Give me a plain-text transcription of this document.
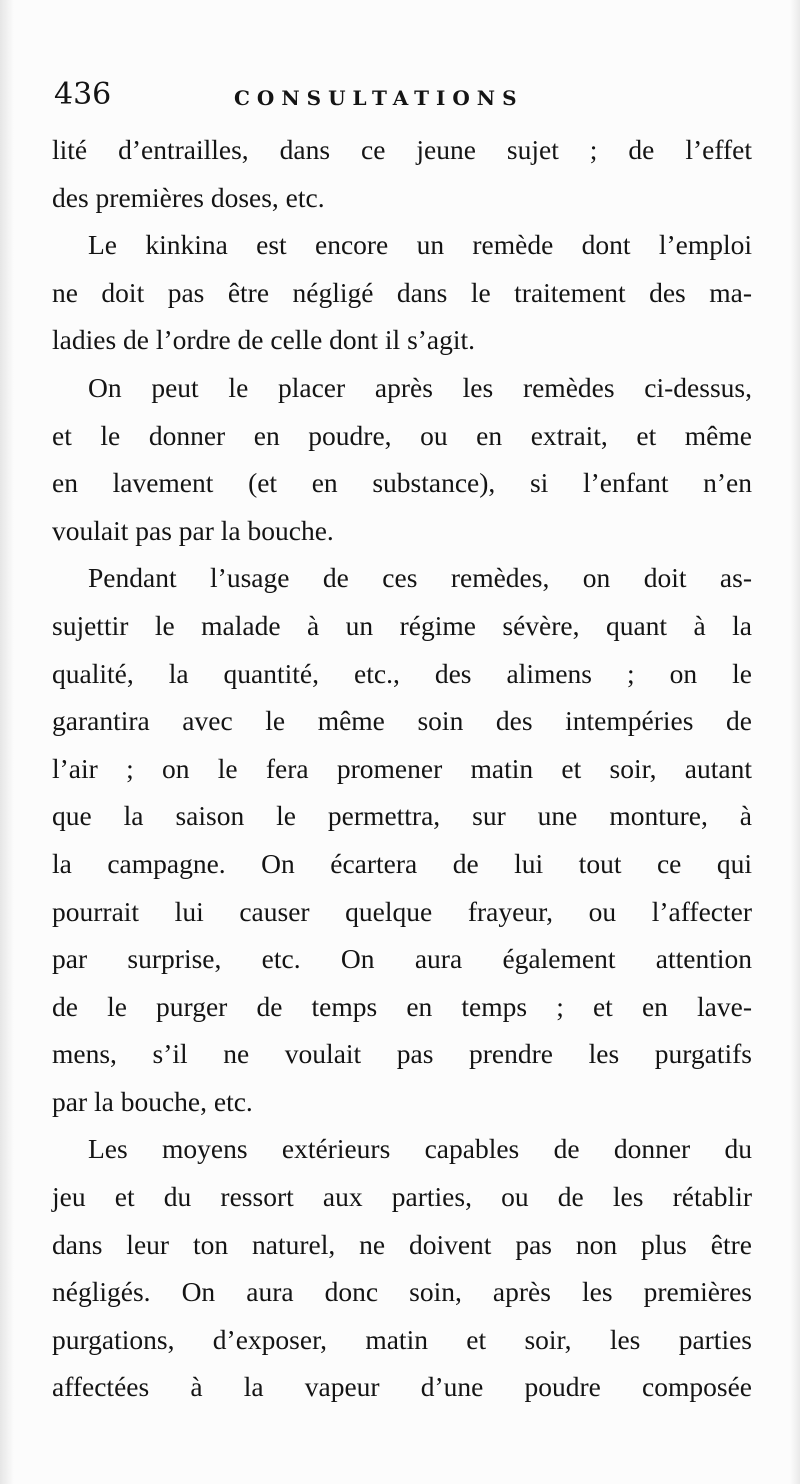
436	CONSULTATIONS
lité d’entrailles, dans ce jeune sujet ; de l’effet
des premières doses, etc.
Le kinkina est encore un remède dont l’emploi
ne doit pas être négligé dans le traitement des ma-
ladies de l’ordre de celle dont il s’agit.
On peut le placer après les remèdes ci-dessus,
et le donner en poudre, ou en extrait, et même
en lavement (et en substance), si l’enfant n’en
voulait pas par la bouche.
Pendant l’usage de ces remèdes, on doit as-
sujettir le malade à un régime sévère, quant à la
qualité, la quantité, etc., des alimens ; on le
garantira avec le même soin des intempéries de
l’air ; on le fera promener matin et soir, autant
que la saison le permettra, sur une monture, à
la campagne. On écartera de lui tout ce qui
pourrait lui causer quelque frayeur, ou l’affecter
par surprise, etc. On aura également attention
de le purger de temps en temps ; et en lave-
mens, s’il ne voulait pas prendre les purgatifs
par la bouche, etc.
Les moyens extérieurs capables de donner du
jeu et du ressort aux parties, ou de les rétablir
dans leur ton naturel, ne doivent pas non plus être
négligés. On aura donc soin, après les premières
purgations, d’exposer, matin et soir, les parties
affectées à la vapeur d’une poudre composée
